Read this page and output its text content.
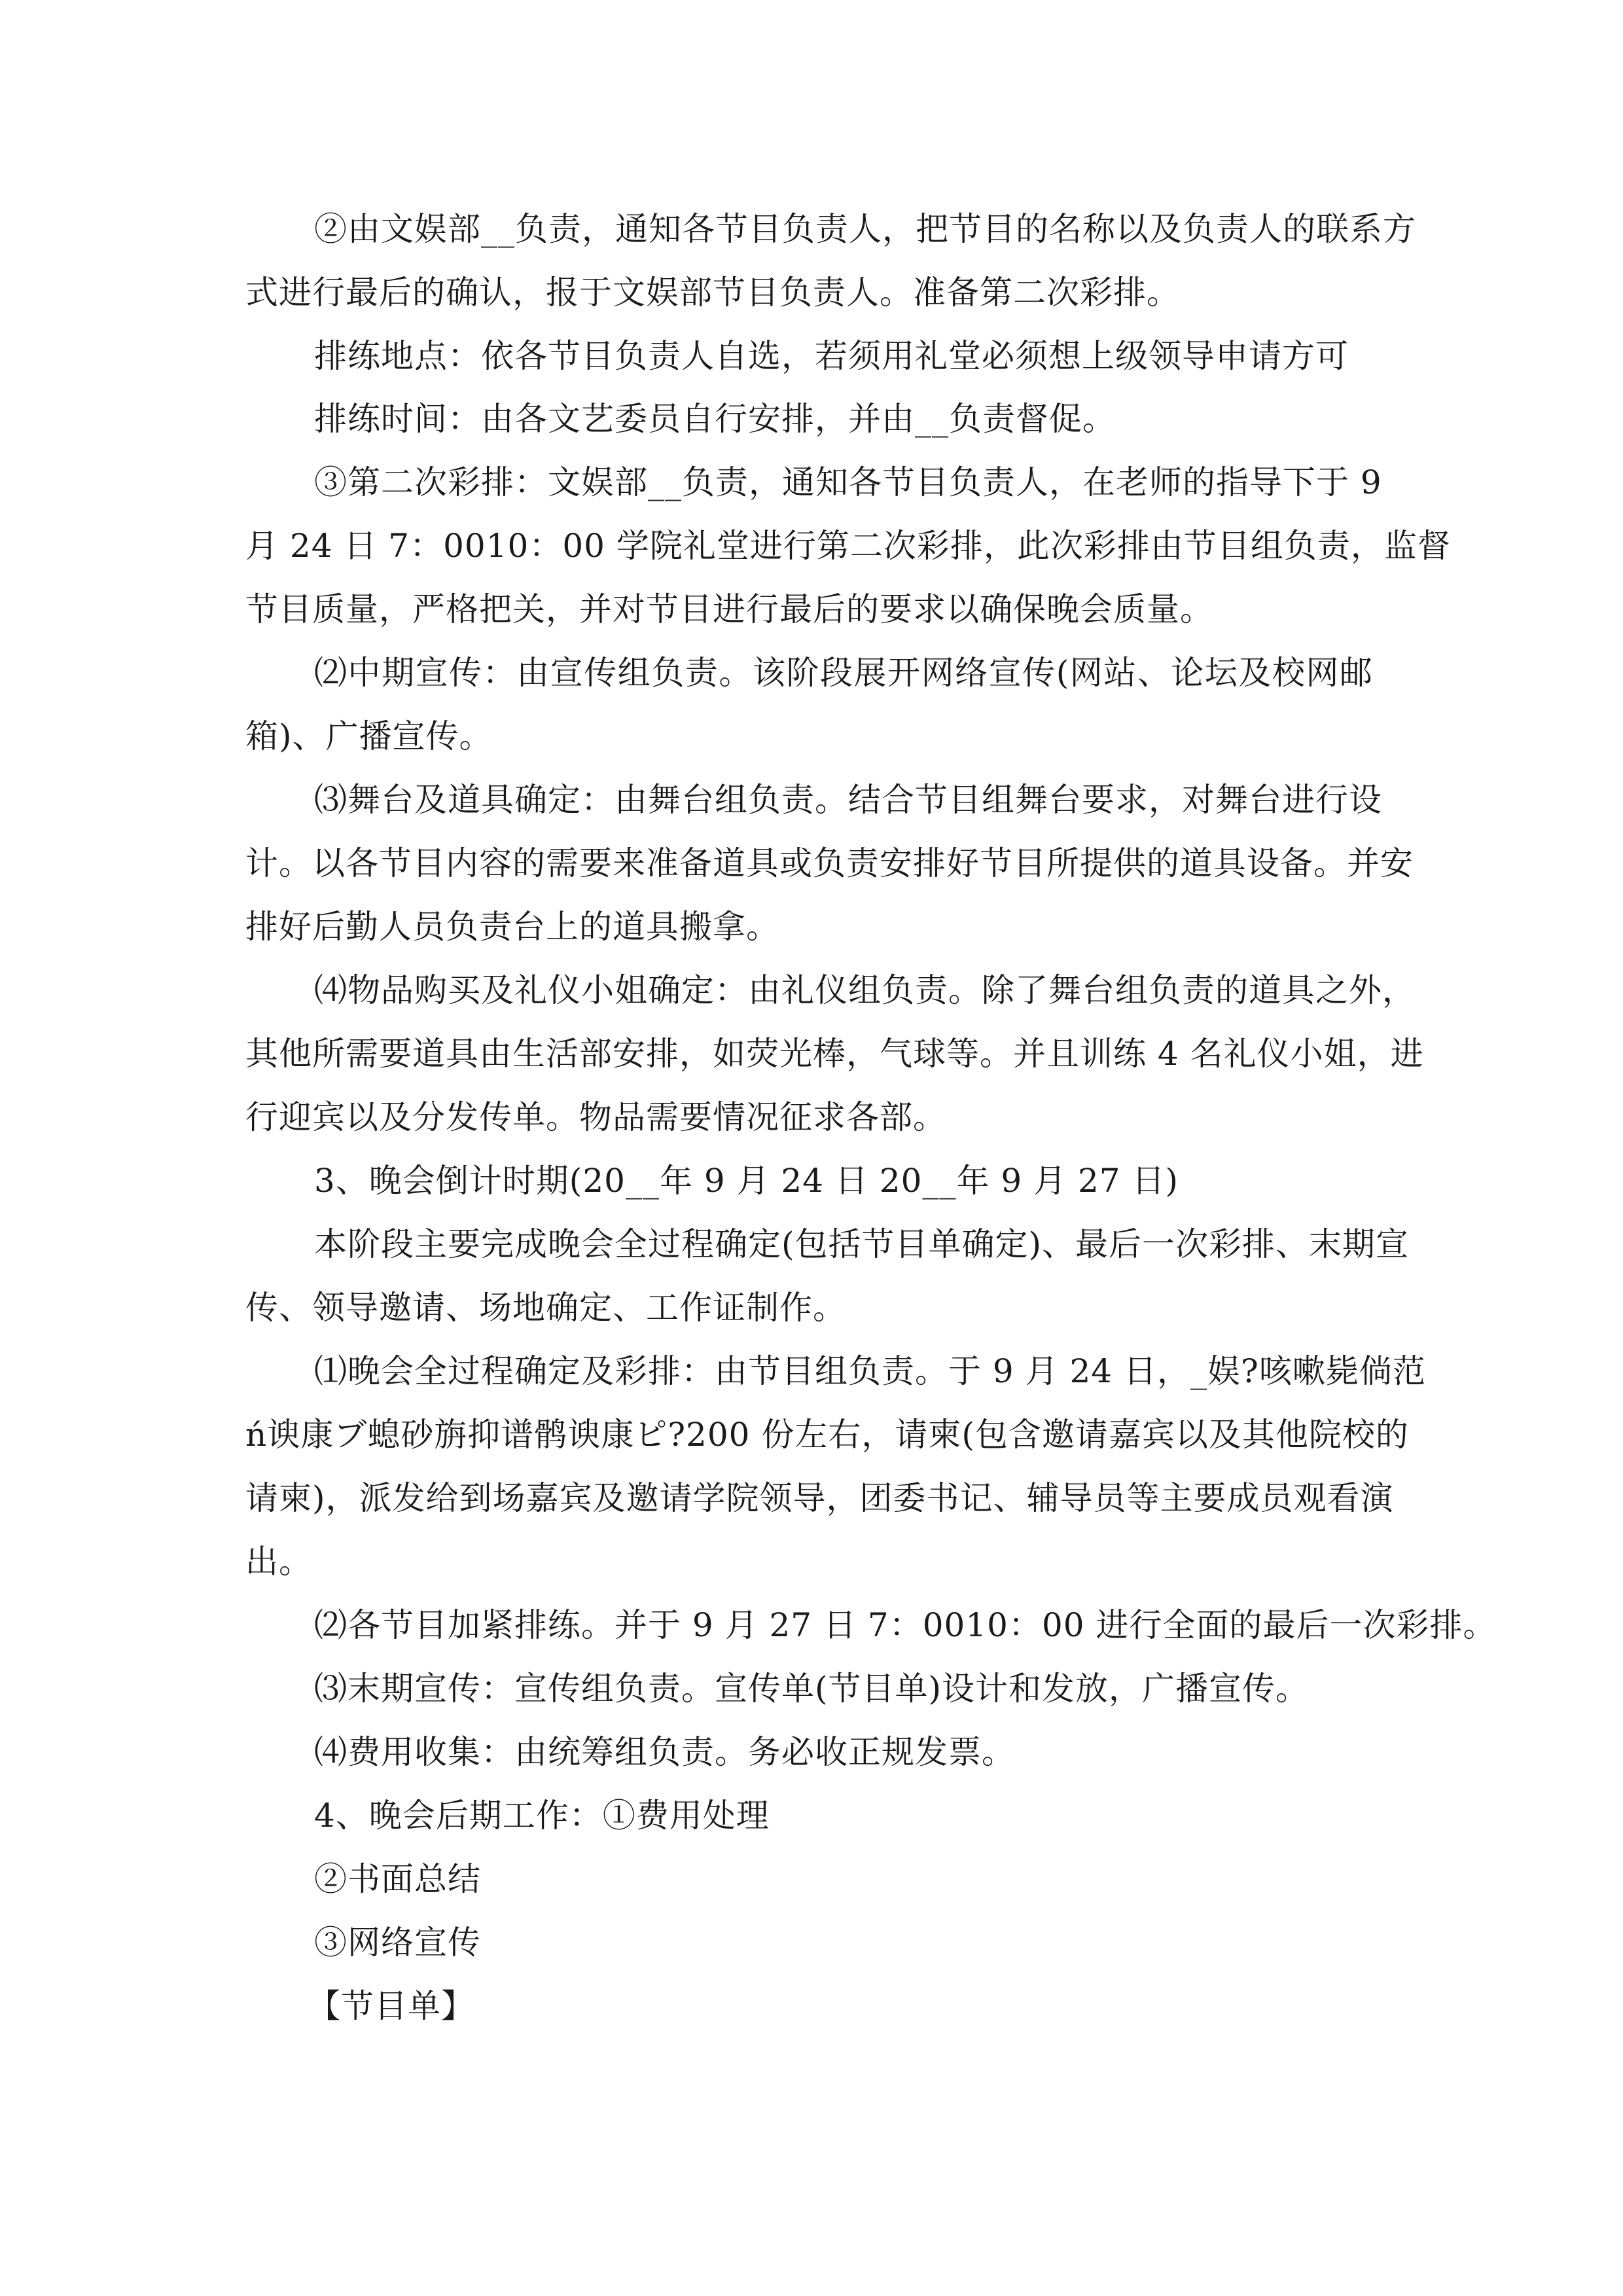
②由文娱部__负责，通知各节目负责人，把节目的名称以及负责人的联系方
式进行最后的确认，报于文娱部节目负责人。准备第二次彩排。
排练地点：依各节目负责人自选，若须用礼堂必须想上级领导申请方可
排练时间：由各文艺委员自行安排，并由__负责督促。
③第二次彩排：文娱部__负责，通知各节目负责人，在老师的指导下于 9
月 24 日 7：0010：00 学院礼堂进行第二次彩排，此次彩排由节目组负责，监督
节目质量，严格把关，并对节目进行最后的要求以确保晚会质量。
⑵中期宣传：由宣传组负责。该阶段展开网络宣传(网站、论坛及校网邮
箱)、广播宣传。
⑶舞台及道具确定：由舞台组负责。结合节目组舞台要求，对舞台进行设
计。以各节目内容的需要来准备道具或负责安排好节目所提供的道具设备。并安
排好后勤人员负责台上的道具搬拿。
⑷物品购买及礼仪小姐确定：由礼仪组负责。除了舞台组负责的道具之外，
其他所需要道具由生活部安排，如荧光棒，气球等。并且训练 4 名礼仪小姐，进
行迎宾以及分发传单。物品需要情况征求各部。
3、晚会倒计时期(20__年 9 月 24 日 20__年 9 月 27 日)
本阶段主要完成晚会全过程确定(包括节目单确定)、最后一次彩排、末期宣
传、领导邀请、场地确定、工作证制作。
⑴晚会全过程确定及彩排：由节目组负责。于 9 月 24 日，_娱?咳嗽毙倘范
ń谀康ブ螅砂旃抑谱鹘谀康ピ?200 份左右，请柬(包含邀请嘉宾以及其他院校的
请柬)，派发给到场嘉宾及邀请学院领导，团委书记、辅导员等主要成员观看演
出。
⑵各节目加紧排练。并于 9 月 27 日 7：0010：00 进行全面的最后一次彩排。
⑶末期宣传：宣传组负责。宣传单(节目单)设计和发放，广播宣传。
⑷费用收集：由统筹组负责。务必收正规发票。
4、晚会后期工作：①费用处理
②书面总结
③网络宣传
【节目单】
